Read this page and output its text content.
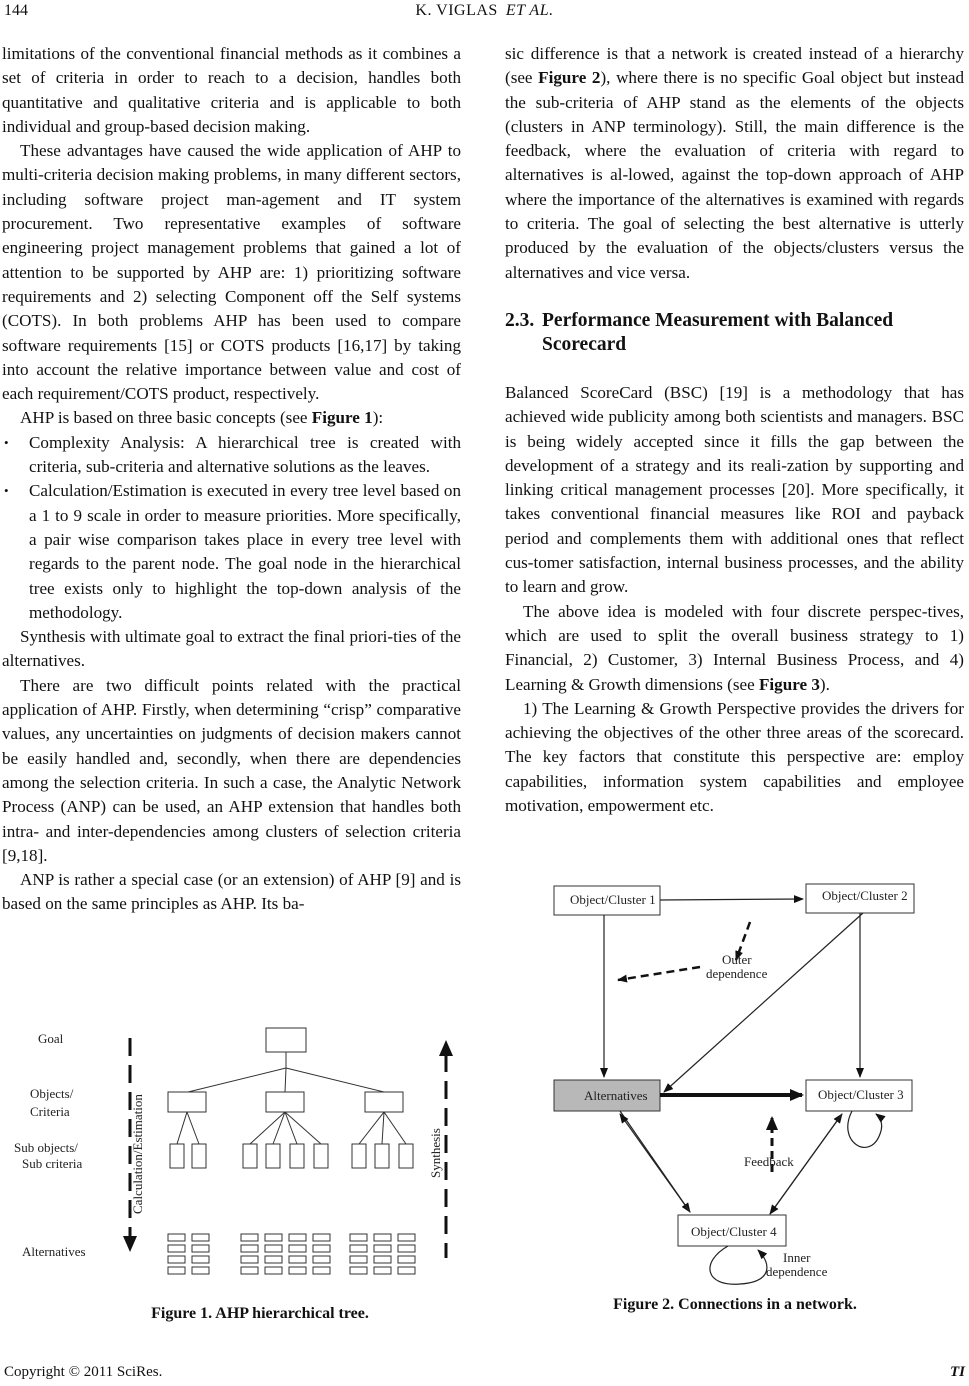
144	K. VIGLAS ET AL.

limitations of the conventional financial methods as it combines a set of criteria in order to reach to a decision, handles both quantitative and qualitative criteria and is applicable to both individual and group-based decision making.

These advantages have caused the wide application of AHP to multi-criteria decision making problems, in many different sectors, including software project man-agement and IT system procurement. Two representative examples of software engineering project management problems that gained a lot of attention to be supported by AHP are: 1) prioritizing software requirements and 2) selecting Component off the Self systems (COTS). In both problems AHP has been used to compare software requirements [15] or COTS products [16,17] by taking into account the relative importance between value and cost of each requirement/COTS product, respectively.

AHP is based on three basic concepts (see Figure 1):

• Complexity Analysis: A hierarchical tree is created with criteria, sub-criteria and alternative solutions as the leaves.
• Calculation/Estimation is executed in every tree level based on a 1 to 9 scale in order to measure priorities. More specifically, a pair wise comparison takes place in every tree level with regards to the parent node. The goal node in the hierarchical tree exists only to highlight the top-down analysis of the methodology.

Synthesis with ultimate goal to extract the final priori-ties of the alternatives.

There are two difficult points related with the practical application of AHP. Firstly, when determining “crisp” comparative values, any uncertainties on judgments of decision makers cannot be easily handled and, secondly, when there are dependencies among the selection criteria. In such a case, the Analytic Network Process (ANP) can be used, an AHP extension that handles both intra- and inter-dependencies among clusters of selection criteria [9,18].

ANP is rather a special case (or an extension) of AHP [9] and is based on the same principles as AHP. Its ba-

sic difference is that a network is created instead of a hierarchy (see Figure 2), where there is no specific Goal object but instead the sub-criteria of AHP stand as the elements of the objects (clusters in ANP terminology). Still, the main difference is the feedback, where the evaluation of criteria with regard to alternatives is al-lowed, against the top-down approach of AHP where the importance of the alternatives is examined with regards to criteria. The goal of selecting the best alternative is utterly produced by the evaluation of the objects/clusters versus the alternatives and vice versa.

2.3. Performance Measurement with Balanced Scorecard

Balanced ScoreCard (BSC) [19] is a methodology that has achieved wide publicity among both scientists and managers. BSC is being widely accepted since it fills the gap between the development of a strategy and its reali-zation by supporting and linking critical management processes [20]. More specifically, it takes conventional financial measures like ROI and payback period and complements them with additional ones that reflect cus-tomer satisfaction, internal business processes, and the ability to learn and grow.

The above idea is modeled with four discrete perspec-tives, which are used to split the overall business strategy to 1) Financial, 2) Customer, 3) Internal Business Process, and 4) Learning & Growth dimensions (see Figure 3).

1) The Learning & Growth Perspective provides the drivers for achieving the objectives of the other three areas of the scorecard. The key factors that constitute this perspective are: employ capabilities, information system capabilities and employee motivation, empowerment etc.

Goal
Objects/
Criteria
Sub objects/
Sub criteria
Alternatives
Calculation/Estimation	Synthesis
Figure 1. AHP hierarchical tree.
Object/Cluster 1	Object/Cluster 2
Alternatives	Object/Cluster 3
Object/Cluster 4
Outer
dependence
Feedback
Inner
dependence
Figure 2. Connections in a network.
Copyright © 2011 SciRes.	TI
